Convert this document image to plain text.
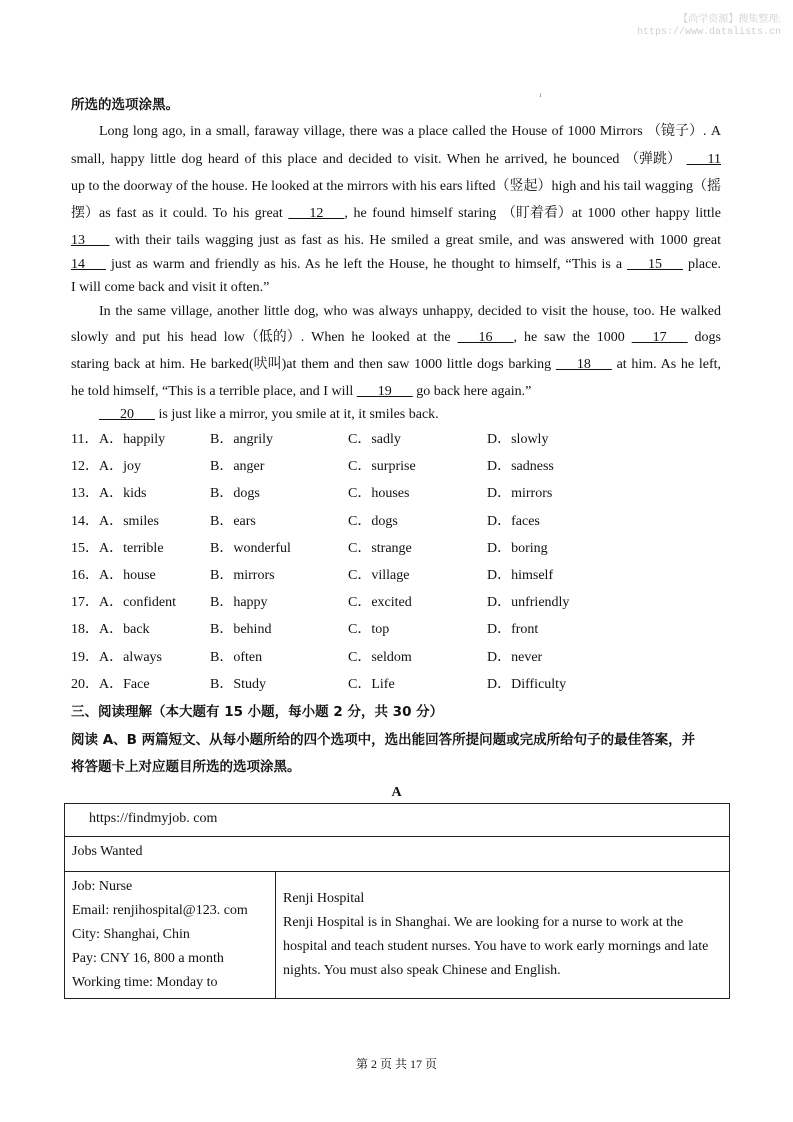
【尚学资源】搜集整理:
https://www.datalists.cn
1
所选的选项涂黑。
Long long ago, in a small, faraway village, there was a place called the House of 1000 Mirrors （镜子）. A
small, happy little dog heard of this place and decided to visit. When he arrived, he bounced （弹跳）       11
up to the doorway of the house. He looked at the mirrors with his ears lifted（竖起）high and his tail wagging（摇
摆）as fast as it could. To his great       12      , he found himself staring （盯着看）at 1000 other happy little
13        with their tails wagging just as fast as his. He smiled a great smile, and was answered with 1000 great
14       just as warm and friendly as his. As he left the House, he thought to himself, “This is a       15       place.
I will come back and visit it often.”
In the same village, another little dog, who was always unhappy, decided to visit the house, too. He walked
slowly and put his head low（低的）. When he looked at the       16      , he saw the 1000       17       dogs
staring back at him. He barked(吠叫)at them and then saw 1000 little dogs barking       18       at him. As he left,
he told himself, “This is a terrible place, and I will       19       go back here again.”
20       is just like a mirror, you smile at it, it smiles back.
11． A．happily	B．angrily	C．sadly	D．slowly
12． A．joy	B．anger	C．surprise	D．sadness
13． A．kids	B．dogs	C．houses	D．mirrors
14． A．smiles	B．ears	C．dogs	D．faces
15． A．terrible	B．wonderful	C．strange	D．boring
16． A．house	B．mirrors	C．village	D．himself
17． A．confident B．happy	C．excited	D．unfriendly
18． A．back	B．behind	C．top	D．front
19． A．always	B．often	C．seldom	D．never
20． A．Face	B．Study	C．Life	D．Difficulty
三、阅读理解（本大题有 15 小题，每小题 2 分，共 30 分）
阅读 A、B 两篇短文、从每小题所给的四个选项中，选出能回答所提问题或完成所给句子的最佳答案，并
将答题卡上对应题目所选的选项涂黑。
A
https://findmyjob. com
Jobs Wanted

Job: Nurse
Email: renjihospital@123. com
City: Shanghai, Chin
Pay: CNY 16, 800 a month
Working time: Monday to

Renji Hospital
Renji Hospital is in Shanghai. We are looking for a nurse to work at the hospital and teach student nurses. You have to work early mornings and late nights. You must also speak Chinese and English.
第 2 页 共 17 页
